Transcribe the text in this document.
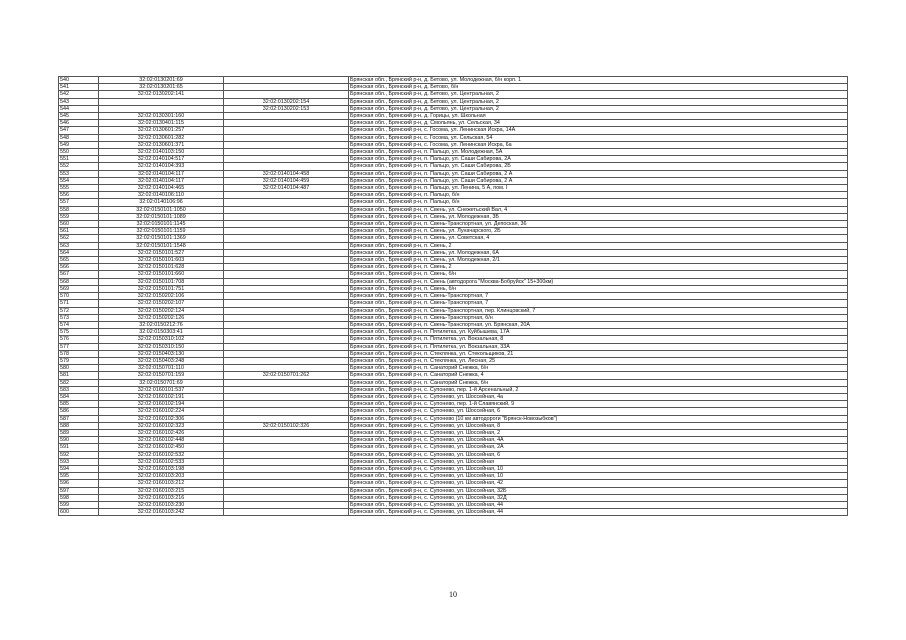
540	32:02:0130201:69		Брянская обл., Брянский р-н, д. Бетово, ул. Молодежная, б/н корп. 1
541	32:02:0130201:65		Брянская обл., Брянский р-н, д. Бетово, б/н
542	32:02:0130202:141		Брянская обл., Брянский р-н, д. Бетово, ул. Центральная, 2
543		32:02:0130202:154	Брянская обл., Брянский р-н, д. Бетово, ул. Центральная, 2
544		32:02:0130202:153	Брянская обл., Брянский р-н, д. Бетово, ул. Центральная, 2
545	32:02:0130301:160		Брянская обл., Брянский р-н, д. Горицы, ул. Школьная
546	32:02:0130401:115		Брянская обл., Брянский р-н, д. Смольянь, ул. Сельская, 34
547	32:02:0130601:257		Брянская обл., Брянский р-н, с. Госома, ул. Ленинская Искра, 14А
548	32:02:0130601:282		Брянская обл., Брянский р-н, с. Госома, ул. Сельская, 54
549	32:02:0130601:371		Брянская обл., Брянский р-н, с. Госома, ул. Ленинская Искра, 6а
550	32:02:0140103:150		Брянская обл., Брянский р-н, п. Пальцо, ул. Молодежная, 5А
551	32:02:0140104:517		Брянская обл., Брянский р-н, п. Пальцо, ул. Саши Сабирова, 2А
552	32:02:0140104:393		Брянская обл., Брянский р-н, п. Пальцо, ул. Саши Сабирова, 2Б
553	32:02:0140104:117	32:02:0140104:458	Брянская обл., Брянский р-н, п. Пальцо, ул. Саши Сабирова, 2 А
554	32:02:0140104:117	32:02:0140104:459	Брянская обл., Брянский р-н, п. Пальцо, ул. Саши Сабирова, 2 А
555	32:02:0140104:465	32:02:0140104:487	Брянская обл., Брянский р-н, п. Пальцо, ул. Ленина, 5 А, пом. I
556	32:02:0140106:110		Брянская обл., Брянский р-н, п. Пальцо, б/н
557	32:02:0140106:96		Брянская обл., Брянский р-н, п. Пальцо, б/н
558	32:02:0150101:1050		Брянская обл., Брянский р-н, п. Свень, ул. Снежетьский Вал, 4
559	32:02:0150101:1089		Брянская обл., Брянский р-н, п. Свень, ул. Молодежная, 3Б
560	32:02:0150101:1145		Брянская обл., Брянский р-н, п. Свень-Транспортная, ул. Депоская, 36
561	32:02:0150101:1159		Брянская обл., Брянский р-н, п. Свень, ул. Луначарского, 2Б
562	32:02:0150101:1369		Брянская обл., Брянский р-н, п. Свень, ул. Советская, 4
563	32:02:0150101:1548		Брянская обл., Брянский р-н, п. Свень, 2
564	32:02:0150101:527		Брянская обл., Брянский р-н, п. Свень, ул. Молодежная, 6А
565	32:02:0150101:603		Брянская обл., Брянский р-н, п. Свень, ул. Молодежная, 2/1
566	32:02:0150101:628		Брянская обл., Брянский р-н, п. Свень, 2
567	32:02:0150101:660		Брянская обл., Брянский р-н, п. Свень, б/н
568	32:02:0150101:708		Брянская обл., Брянский р-н, п. Свень (автодорога "Москва-Бобруйск" 15+300км)
569	32:02:0150101:751		Брянская обл., Брянский р-н, п. Свень, б/н
570	32:02:0150202:106		Брянская обл., Брянский р-н, п. Свень-Транспортная, 7
571	32:02:0150202:107		Брянская обл., Брянский р-н, п. Свень-Транспортная, 7
572	32:02:0150202:124		Брянская обл., Брянский р-н, п. Свень-Транспортная, пер. Клинцовский, 7
573	32:02:0150202:126		Брянская обл., Брянский р-н, п. Свень-Транспортная, б/н
574	32:02:0150212:76		Брянская обл., Брянский р-н, п. Свень-Транспортная, ул. Брянская, 20А
575	32:02:0150303:41		Брянская обл., Брянский р-н, п. Пятилетка, ул. Куйбышева, 17А
576	32:02:0150310:102		Брянская обл., Брянский р-н, п. Пятилетка, ул. Вокзальная, 8
577	32:02:0150310:150		Брянская обл., Брянский р-н, п. Пятилетка, ул. Вокзальная, 33А
578	32:02:0150403:130		Брянская обл., Брянский р-н, п. Стеклянка, ул. Стекольщиков, 21
579	32:02:0150403:248		Брянская обл., Брянский р-н, п. Стеклянка, ул. Лесная, 25
580	32:02:0150701:110		Брянская обл., Брянский р-н, п. Санаторий Снежка, б/н
581	32:02:0150701:159	32:02:0150701:262	Брянская обл., Брянский р-н, п. Санаторий Снежка, 4
582	32:02:0150701:69		Брянская обл., Брянский р-н, п. Санаторий Снежка, б/н
583	32:02:0160101:537		Брянская обл., Брянский р-н, с. Супонево, пер. 1-й Арсенальный, 2
584	32:02:0160102:191		Брянская обл., Брянский р-н, с. Супонево, ул. Шоссейная, 4а
585	32:02:0160102:194		Брянская обл., Брянский р-н, с. Супонево, пер. 1-й Славянский, 9
586	32:02:0160102:224		Брянская обл., Брянский р-н, с. Супонево, ул. Шоссейная, 6
587	32:02:0160102:306		Брянская обл., Брянский р-н, с. Супонево (10 км автодороги "Брянск-Новозыбков")
588	32:02:0160102:323	32:02:0150102:326	Брянская обл., Брянский р-н, с. Супонево, ул. Шоссейная, 8
589	32:02:0160102:426		Брянская обл., Брянский р-н, с. Супонево, ул. Шоссейная, 2
590	32:02:0160102:448		Брянская обл., Брянский р-н, с. Супонево, ул. Шоссейная, 4А
591	32:02:0160102:450		Брянская обл., Брянский р-н, с. Супонево, ул. Шоссейная, 2А
592	32:02:0160102:532		Брянская обл., Брянский р-н, с. Супонево, ул. Шоссейная, 6
593	32:02:0160102:533		Брянская обл., Брянский р-н, с. Супонево, ул. Шоссейная
594	32:02:0160103:198		Брянская обл., Брянский р-н, с. Супонево, ул. Шоссейная, 10
595	32:02:0160103:203		Брянская обл., Брянский р-н, с. Супонево, ул. Шоссейная, 10
596	32:02:0160103:212		Брянская обл., Брянский р-н, с. Супонево, ул. Шоссейная, 42
597	32:02:0160103:215		Брянская обл., Брянский р-н, с. Супонево, ул. Шоссейная, 32Б
598	32:02:0160103:216		Брянская обл., Брянский р-н, с. Супонево, ул. Шоссейная, 32Д
599	32:02:0160103:230		Брянская обл., Брянский р-н, с. Супонево, ул. Шоссейная, 44
600	32:02:0160103:242		Брянская обл., Брянский р-н, с. Супонево, ул. Шоссейная, 44
10
